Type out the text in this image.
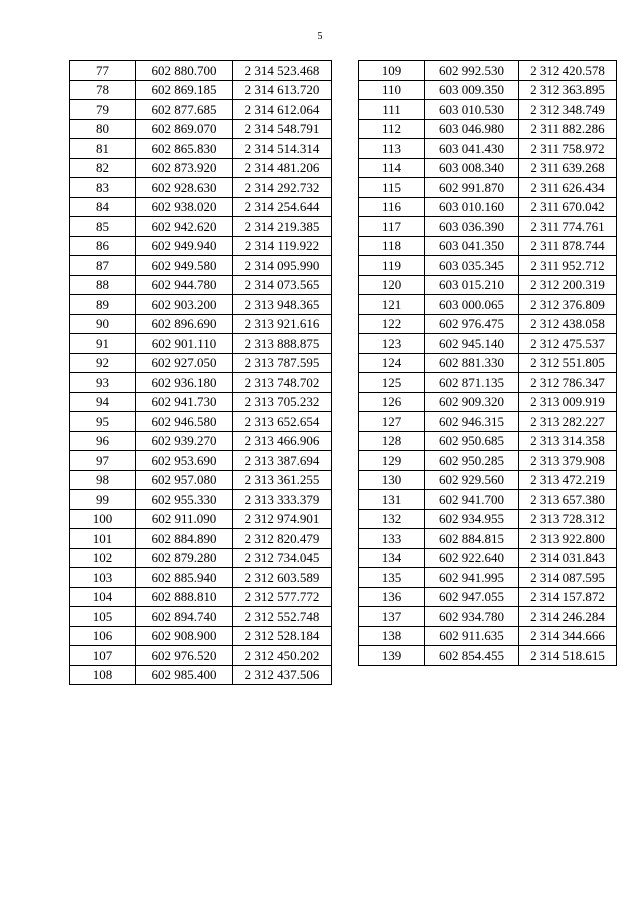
5
77	602 880.700	2 314 523.468
78	602 869.185	2 314 613.720
79	602 877.685	2 314 612.064
80	602 869.070	2 314 548.791
81	602 865.830	2 314 514.314
82	602 873.920	2 314 481.206
83	602 928.630	2 314 292.732
84	602 938.020	2 314 254.644
85	602 942.620	2 314 219.385
86	602 949.940	2 314 119.922
87	602 949.580	2 314 095.990
88	602 944.780	2 314 073.565
89	602 903.200	2 313 948.365
90	602 896.690	2 313 921.616
91	602 901.110	2 313 888.875
92	602 927.050	2 313 787.595
93	602 936.180	2 313 748.702
94	602 941.730	2 313 705.232
95	602 946.580	2 313 652.654
96	602 939.270	2 313 466.906
97	602 953.690	2 313 387.694
98	602 957.080	2 313 361.255
99	602 955.330	2 313 333.379
100	602 911.090	2 312 974.901
101	602 884.890	2 312 820.479
102	602 879.280	2 312 734.045
103	602 885.940	2 312 603.589
104	602 888.810	2 312 577.772
105	602 894.740	2 312 552.748
106	602 908.900	2 312 528.184
107	602 976.520	2 312 450.202
108	602 985.400	2 312 437.506
109	602 992.530	2 312 420.578
110	603 009.350	2 312 363.895
111	603 010.530	2 312 348.749
112	603 046.980	2 311 882.286
113	603 041.430	2 311 758.972
114	603 008.340	2 311 639.268
115	602 991.870	2 311 626.434
116	603 010.160	2 311 670.042
117	603 036.390	2 311 774.761
118	603 041.350	2 311 878.744
119	603 035.345	2 311 952.712
120	603 015.210	2 312 200.319
121	603 000.065	2 312 376.809
122	602 976.475	2 312 438.058
123	602 945.140	2 312 475.537
124	602 881.330	2 312 551.805
125	602 871.135	2 312 786.347
126	602 909.320	2 313 009.919
127	602 946.315	2 313 282.227
128	602 950.685	2 313 314.358
129	602 950.285	2 313 379.908
130	602 929.560	2 313 472.219
131	602 941.700	2 313 657.380
132	602 934.955	2 313 728.312
133	602 884.815	2 313 922.800
134	602 922.640	2 314 031.843
135	602 941.995	2 314 087.595
136	602 947.055	2 314 157.872
137	602 934.780	2 314 246.284
138	602 911.635	2 314 344.666
139	602 854.455	2 314 518.615
